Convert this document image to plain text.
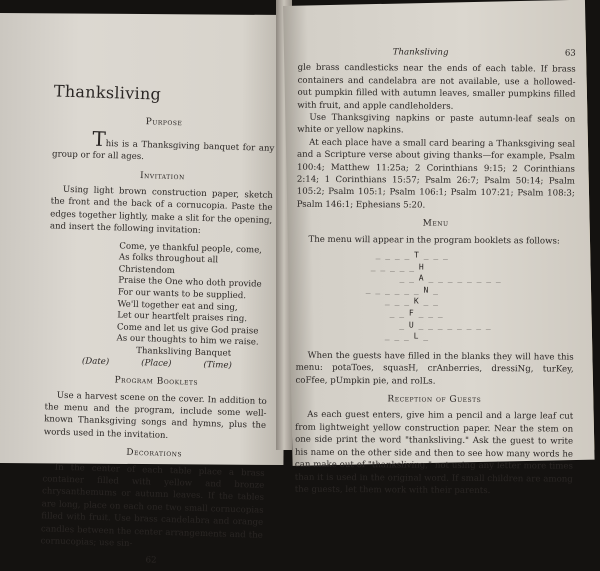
Thanksliving
Purpose

This is a Thanksgiving banquet for any group or for all ages.

Invitation

Using light brown construction paper, sketch the front and the back of a cornucopia. Paste the edges together lightly, make a slit for the opening, and insert the following invitation:

Come, ye thankful people, come,
As folks throughout all Christendom
Praise the One who doth provide
For our wants to be supplied.
We'll together eat and sing,
Let our heartfelt praises ring.
Come and let us give God praise
As our thoughts to him we raise.
Thanksliving Banquet
(Date)	(Place)	(Time)
Program Booklets

Use a harvest scene on the cover. In addition to the menu and the program, include some well-known Thanksgiving songs and hymns, plus the words used in the invitation.

Decorations

In the center of each table place a brass container filled with yellow and bronze chrysanthemums or autumn leaves. If the tables are long, place on each one two small cornucopias filled with fruit. Use brass candelabra and orange candles between the center arrangements and the cornucopias; use sin-

62
Thanksliving	63

gle brass candlesticks near the ends of each table. If brass containers and candelabra are not available, use a hollowed-out pumpkin filled with autumn leaves, smaller pumpkins filled with fruit, and apple candleholders.

Use Thanksgiving napkins or paste autumn-leaf seals on white or yellow napkins.

At each place have a small card bearing a Thanksgiving seal and a Scripture verse about giving thanks—for example, Psalm 100:4; Matthew 11:25a; 2 Corinthians 9:15; 2 Corinthians 2:14; 1 Corinthians 15:57; Psalm 26:7; Psalm 50:14; Psalm 105:2; Psalm 105:1; Psalm 106:1; Psalm 107:21; Psalm 108:3; Psalm 146:1; Ephesians 5:20.

Menu

The menu will appear in the program booklets as follows:

_ _ _ _ T _ _ _
_ _ _ _ _ H
_ _ A _ _ _ _ _ _ _ _
_ _ _ _ _ _ N _
_ _ _ K _ _
_ _ F _ _ _
_ U _ _ _ _ _ _ _ _
_ _ _ L _

When the guests have filled in the blanks they will have this menu: potaToes, squasH, crAnberries, dressiNg, turKey, coFfee, pUmpkin pie, and rolLs.

Reception of Guests

As each guest enters, give him a pencil and a large leaf cut from lightweight yellow construction paper. Near the stem on one side print the word "thanksliving." Ask the guest to write his name on the other side and then to see how many words he can make out of "thanksliving," not using any letter more times than it is used in the original word. If small children are among the guests, let them work with their parents.
